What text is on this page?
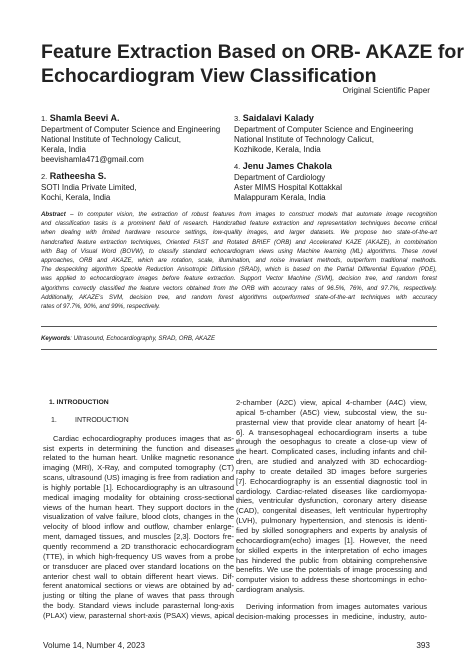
Feature Extraction Based on ORB- AKAZE for
Echocardiogram View Classification
Original Scientific Paper
1. Shamla Beevi A.
Department of Computer Science and Engineering
National Institute of Technology Calicut,
Kerala, India
beevishamla471@gmail.com
2. Ratheesha S.
SOTI India Private Limited,
Kochi, Kerala, India
3. Saidalavi Kalady
Department of Computer Science and Engineering
National Institute of Technology Calicut,
Kozhikode, Kerala, India
4. Jenu James Chakola
Department of Cardiology
Aster MIMS Hospital Kottakkal
Malappuram Kerala, India
Abstract – In computer vision, the extraction of robust features from images to construct models that automate image recognition
and classification tasks is a prominent field of research. Handcrafted feature extraction and representation techniques become critical
when dealing with limited hardware resource settings, low-quality images, and larger datasets. We propose two state-of-the-art
handcrafted feature extraction techniques, Oriented FAST and Rotated BRIEF (ORB) and Accelerated KAZE (AKAZE), in combination
with Bag of Visual Word (BOVW), to classify standard echocardiogram views using Machine learning (ML) algorithms. These novel
approaches, ORB and AKAZE, which are rotation, scale, illumination, and noise invariant methods, outperform traditional methods.
The despeckling algorithm Speckle Reduction Anisotropic Diffusion (SRAD), which is based on the Partial Differential Equation (PDE),
was applied to echocardiogram images before feature extraction. Support Vector Machine (SVM), decision tree, and random forest
algorithms correctly classified the feature vectors obtained from the ORB with accuracy rates of 96.5%, 76%, and 97.7%, respectively.
Additionally, AKAZE's SVM, decision tree, and random forest algorithms outperformed state-of-the-art techniques with accuracy
rates of 97.7%, 90%, and 99%, respectively.
Keywords: Ultrasound, Echocardiography, SRAD, ORB, AKAZE
1. INTRODUCTION
1.	INTRODUCTION
Cardiac echocardiography produces images that as-
sist experts in determining the function and diseases
related to the human heart. Unlike magnetic resonance
imaging (MRI), X-Ray, and computed tomography (CT)
scans, ultrasound (US) imaging is free from radiation and
is highly portable [1]. Echocardiography is an ultrasound
medical imaging modality for obtaining cross-sectional
views of the human heart. They support doctors in the
visualization of valve failure, blood clots, changes in the
velocity of blood inflow and outflow, chamber enlarge-
ment, damaged tissues, and muscles [2,3]. Doctors fre-
quently recommend a 2D transthoracic echocardiogram
(TTE), in which high-frequency US waves from a probe
or transducer are placed over standard locations on the
anterior chest wall to obtain different heart views. Dif-
ferent anatomical sections or views are obtained by ad-
justing or tilting the plane of waves that pass through
the body. Standard views include parasternal long-axis
(PLAX) view, parasternal short-axis (PSAX) views, apical
2-chamber (A2C) view, apical 4-chamber (A4C) view,
apical 5-chamber (A5C) view, subcostal view, the su-
prasternal view that provide clear anatomy of heart [4-
6]. A transesophageal echocardiogram inserts a tube
through the oesophagus to create a close-up view of
the heart. Complicated cases, including infants and chil-
dren, are studied and analyzed with 3D echocardiog-
raphy to create detailed 3D images before surgeries
[7]. Echocardiography is an essential diagnostic tool in
cardiology. Cardiac-related diseases like cardiomyopa-
thies, ventricular dysfunction, coronary artery disease
(CAD), congenital diseases, left ventricular hypertrophy
(LVH), pulmonary hypertension, and stenosis is identi-
fied by skilled sonographers and experts by analysis of
echocardiogram(echo) images [1]. However, the need
for skilled experts in the interpretation of echo images
has hindered the public from obtaining comprehensive
benefits. We use the potentials of image processing and
computer vision to address these shortcomings in echo-
cardiogram analysis.
Deriving information from images automates various
decision-making processes in medicine, industry, auto-
Volume 14, Number 4, 2023	393
